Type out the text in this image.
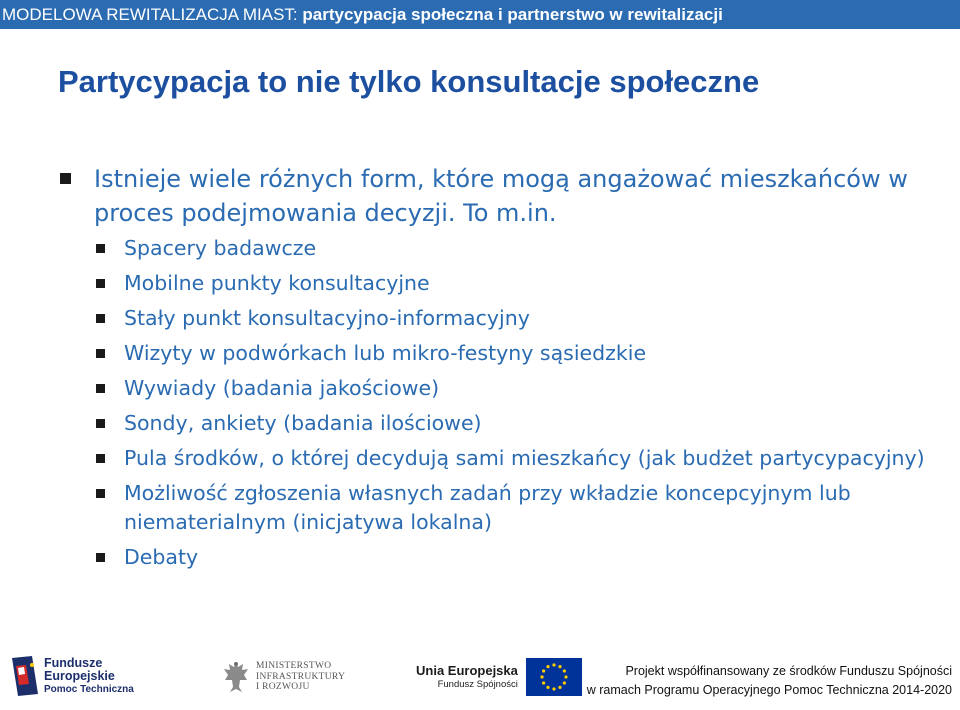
MODELOWA REWITALIZACJA MIAST: partycypacja społeczna i partnerstwo w rewitalizacji
Partycypacja to nie tylko konsultacje społeczne
Istnieje wiele różnych form, które mogą angażować mieszkańców w proces podejmowania decyzji. To m.in.
Spacery badawcze
Mobilne punkty konsultacyjne
Stały punkt konsultacyjno-informacyjny
Wizyty w podwórkach lub mikro-festyny sąsiedzkie
Wywiady (badania jakościowe)
Sondy, ankiety (badania ilościowe)
Pula środków, o której decydują sami mieszkańcy (jak budżet partycypacyjny)
Możliwość zgłoszenia własnych zadań przy wkładzie koncepcyjnym lub niematerialnym (inicjatywa lokalna)
Debaty
Fundusze
Europejskie
Pomoc Techniczna
MINISTERSTWO
INFRASTRUKTURY
I ROZWOJU
Unia Europejska
Fundusz Spójności
Projekt współfinansowany ze środków Funduszu Spójności
w ramach Programu Operacyjnego Pomoc Techniczna 2014-2020
